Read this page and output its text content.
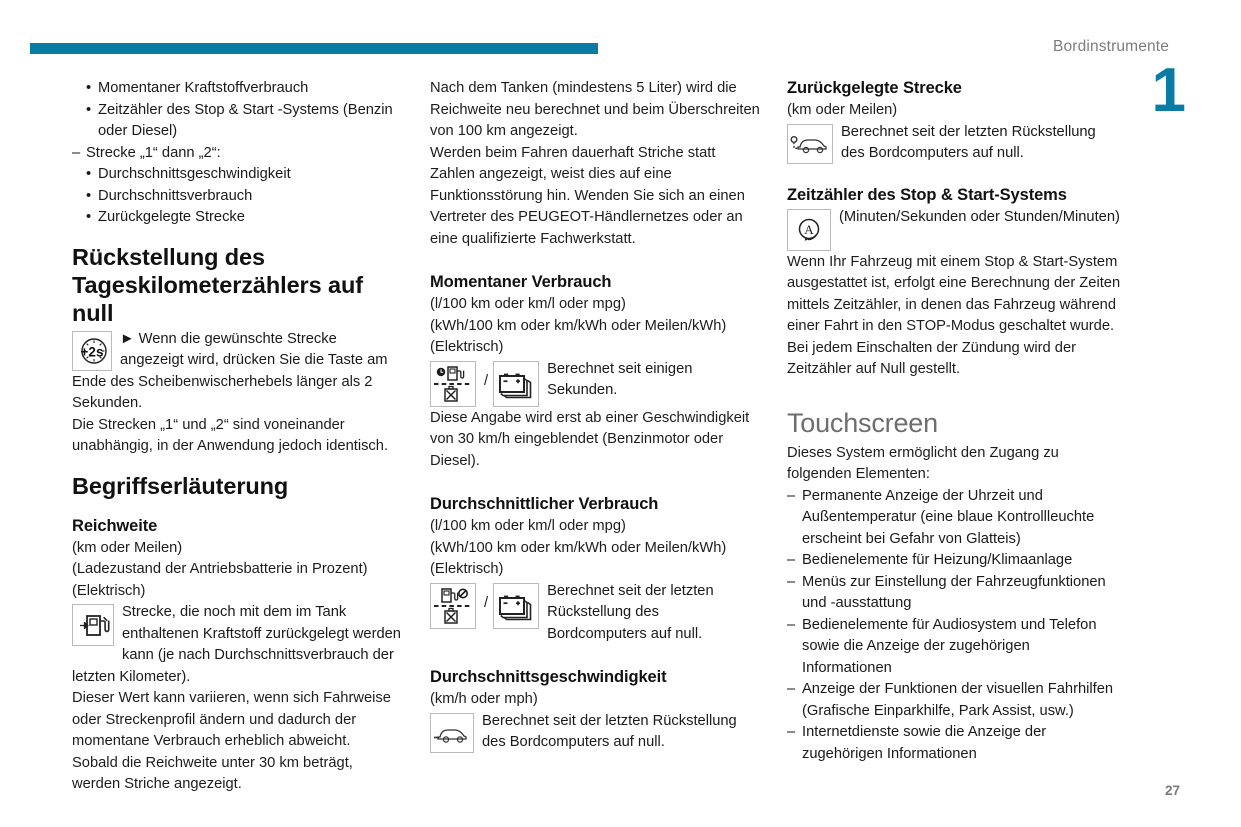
Bordinstrumente
1
• Momentaner Kraftstoffverbrauch
• Zeitzähler des Stop & Start -Systems (Benzin oder Diesel)
– Strecke „1“ dann „2“:
• Durchschnittsgeschwindigkeit
• Durchschnittsverbrauch
• Zurückgelegte Strecke
Rückstellung des Tageskilometerzählers auf null
+2s
► Wenn die gewünschte Strecke angezeigt wird, drücken Sie die Taste am Ende des Scheibenwischerhebels länger als 2 Sekunden.

Die Strecken „1“ und „2“ sind voneinander unabhängig, in der Anwendung jedoch identisch.

Begriffserläuterung
Reichweite

(km oder Meilen)

(Ladezustand der Antriebsbatterie in Prozent)

(Elektrisch)

Strecke, die noch mit dem im Tank enthaltenen Kraftstoff zurückgelegt werden kann (je nach Durchschnittsverbrauch der letzten Kilometer).

Dieser Wert kann variieren, wenn sich Fahrweise oder Streckenprofil ändern und dadurch der momentane Verbrauch erheblich abweicht.

Sobald die Reichweite unter 30 km beträgt, werden Striche angezeigt.

Nach dem Tanken (mindestens 5 Liter) wird die Reichweite neu berechnet und beim Überschreiten von 100 km angezeigt.

Werden beim Fahren dauerhaft Striche statt Zahlen angezeigt, weist dies auf eine Funktionsstörung hin. Wenden Sie sich an einen Vertreter des PEUGEOT-Händlernetzes oder an eine qualifizierte Fachwerkstatt.

Momentaner Verbrauch

(l/100 km oder km/l oder mpg)

(kWh/100 km oder km/kWh oder Meilen/kWh)

(Elektrisch)

/
Berechnet seit einigen Sekunden.

Diese Angabe wird erst ab einer Geschwindigkeit von 30 km/h eingeblendet (Benzinmotor oder Diesel).

Durchschnittlicher Verbrauch

(l/100 km oder km/l oder mpg)

(kWh/100 km oder km/kWh oder Meilen/kWh)

(Elektrisch)

/
Berechnet seit der letzten Rückstellung des Bordcomputers auf null.
Durchschnittsgeschwindigkeit

(km/h oder mph)

Berechnet seit der letzten Rückstellung des Bordcomputers auf null.
Zurückgelegte Strecke

(km oder Meilen)

Berechnet seit der letzten Rückstellung des Bordcomputers auf null.
Zeitzähler des Stop & Start-Systems
A
(Minuten/Sekunden oder Stunden/Minuten)

Wenn Ihr Fahrzeug mit einem Stop & Start-System ausgestattet ist, erfolgt eine Berechnung der Zeiten mittels Zeitzähler, in denen das Fahrzeug während einer Fahrt in den STOP-Modus geschaltet wurde. Bei jedem Einschalten der Zündung wird der Zeitzähler auf Null gestellt.

Touchscreen

Dieses System ermöglicht den Zugang zu folgenden Elementen:

– Permanente Anzeige der Uhrzeit und Außentemperatur (eine blaue Kontrollleuchte erscheint bei Gefahr von Glatteis)
– Bedienelemente für Heizung/Klimaanlage
– Menüs zur Einstellung der Fahrzeugfunktionen und -ausstattung
– Bedienelemente für Audiosystem und Telefon sowie die Anzeige der zugehörigen Informationen
– Anzeige der Funktionen der visuellen Fahrhilfen (Grafische Einparkhilfe, Park Assist, usw.)
– Internetdienste sowie die Anzeige der zugehörigen Informationen
27
